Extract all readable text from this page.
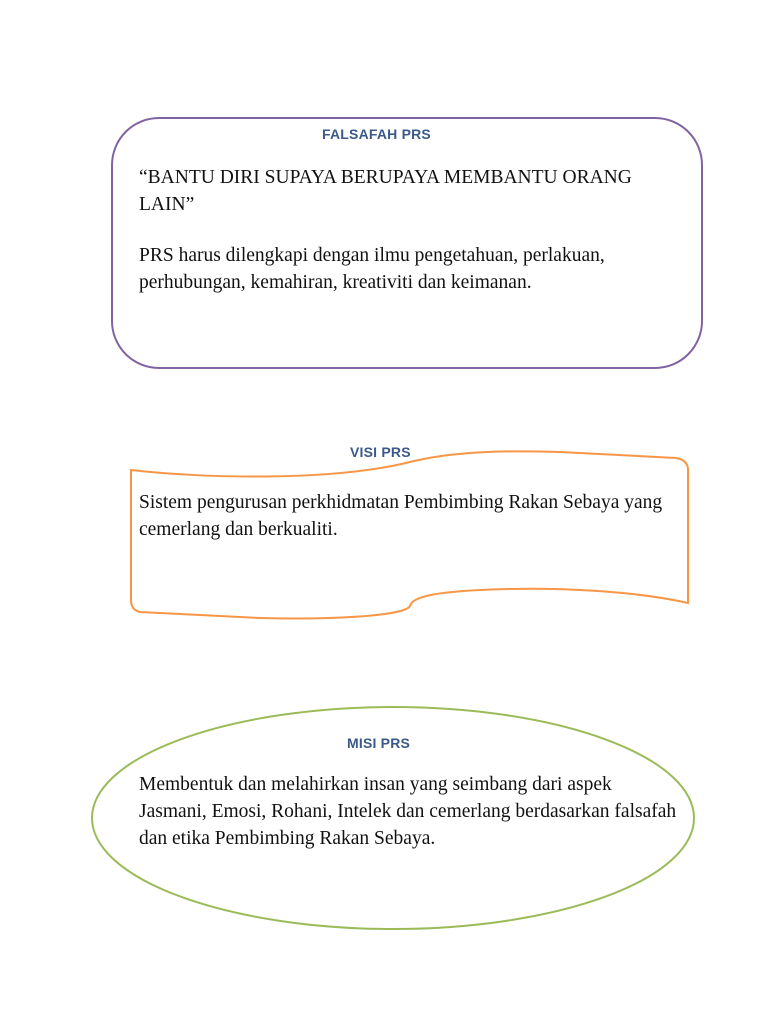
FALSAFAH PRS

“BANTU DIRI SUPAYA BERUPAYA MEMBANTU ORANG LAIN”

PRS harus dilengkapi dengan ilmu pengetahuan, perlakuan, perhubungan, kemahiran, kreativiti dan keimanan.

VISI PRS

Sistem pengurusan perkhidmatan Pembimbing Rakan Sebaya yang cemerlang dan berkualiti.

MISI PRS

Membentuk dan melahirkan insan yang seimbang dari aspek Jasmani, Emosi, Rohani, Intelek dan cemerlang berdasarkan falsafah dan etika Pembimbing Rakan Sebaya.
